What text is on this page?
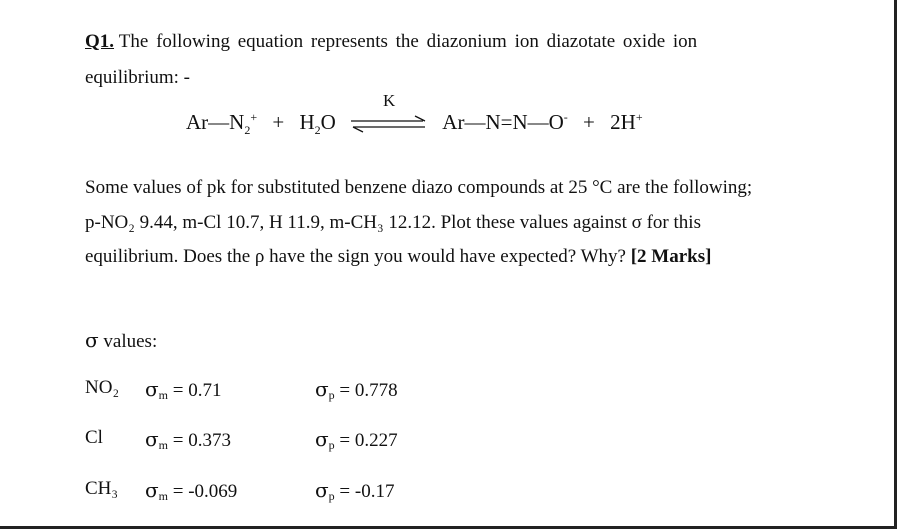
Q1. The following equation represents the diazonium ion diazotate oxide ion
equilibrium: -
$Ar—N_2^+ + H_2O$
K
Ar—N=N—O- + 2H+
Some values of pk for substituted benzene diazo compounds at 25 °C are the following;
p-NO₂ 9.44, m-Cl 10.7, H 11.9, m-CH₃ 12.12. Plot these values against σ for this
equilibrium. Does the ρ have the sign you would have expected? Why? [2 Marks]
σ values:
NO₂ σm = 0.71	σp = 0.778
Cl σm = 0.373	σp = 0.227
CH₃ σm = -0.069	σp = -0.17
